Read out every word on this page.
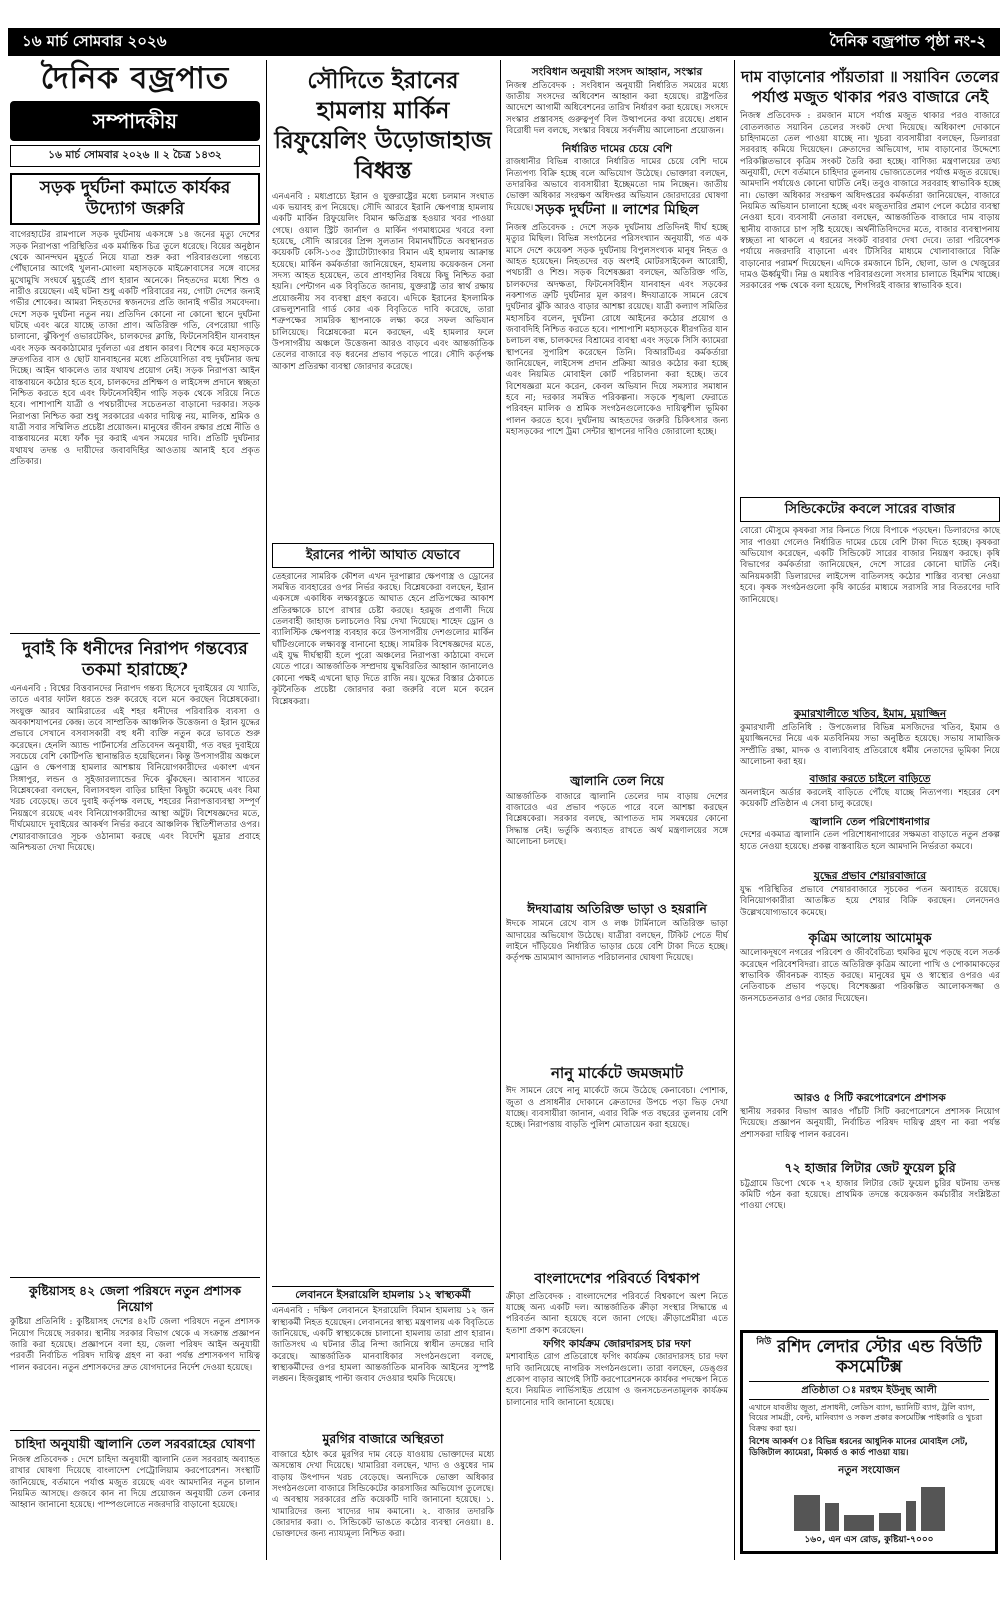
১৬ মার্চ সোমবার ২০২৬	দৈনিক বজ্রপাত পৃষ্ঠা নং-২
দৈনিক বজ্রপাত
সম্পাদকীয়
১৬ মার্চ সোমবার ২০২৬ ॥ ২ চৈত্র ১৪৩২
সড়ক দুর্ঘটনা কমাতে কার্যকর উদ্যোগ জরুরি

বাগেরহাটের রামপালে সড়ক দুর্ঘটনায় একসঙ্গে ১৪ জনের মৃত্যু দেশের সড়ক নিরাপত্তা পরিস্থিতির এক মর্মান্তিক চিত্র তুলে ধরেছে। বিয়ের অনুষ্ঠান থেকে আনন্দঘন মুহূর্তে নিয়ে যাত্রা শুরু করা পরিবারগুলো গন্তব্যে পৌঁছানোর আগেই খুলনা-মোংলা মহাসড়কে মাইক্রোবাসের সঙ্গে বাসের মুখোমুখি সংঘর্ষে মুহূর্তেই প্রাণ হারান অনেকে। নিহতদের মধ্যে শিশু ও নারীও রয়েছেন। এই ঘটনা শুধু একটি পরিবারের নয়, গোটা দেশের জন্যই গভীর শোকের। আমরা নিহতদের স্বজনদের প্রতি জানাই গভীর সমবেদনা। দেশে সড়ক দুর্ঘটনা নতুন নয়। প্রতিদিন কোনো না কোনো স্থানে দুর্ঘটনা ঘটছে এবং ঝরে যাচ্ছে তাজা প্রাণ। অতিরিক্ত গতি, বেপরোয়া গাড়ি চালানো, ঝুঁকিপূর্ণ ওভারটেকিং, চালকদের ক্লান্তি, ফিটনেসবিহীন যানবাহন এবং সড়ক অবকাঠামোর দুর্বলতা এর প্রধান কারণ। বিশেষ করে মহাসড়কে দ্রুতগতির বাস ও ছোট যানবাহনের মধ্যে প্রতিযোগিতা বহু দুর্ঘটনার জন্ম দিচ্ছে। আইন থাকলেও তার যথাযথ প্রয়োগ নেই। সড়ক নিরাপত্তা আইন বাস্তবায়নে কঠোর হতে হবে, চালকদের প্রশিক্ষণ ও লাইসেন্স প্রদানে স্বচ্ছতা নিশ্চিত করতে হবে এবং ফিটনেসবিহীন গাড়ি সড়ক থেকে সরিয়ে নিতে হবে। পাশাপাশি যাত্রী ও পথচারীদের সচেতনতা বাড়ানো দরকার। সড়ক নিরাপত্তা নিশ্চিত করা শুধু সরকারের একার দায়িত্ব নয়, মালিক, শ্রমিক ও যাত্রী সবার সম্মিলিত প্রচেষ্টা প্রয়োজন। মানুষের জীবন রক্ষার প্রশ্নে নীতি ও বাস্তবায়নের মধ্যে ফাঁক দূর করাই এখন সময়ের দাবি। প্রতিটি দুর্ঘটনার যথাযথ তদন্ত ও দায়ীদের জবাবদিহির আওতায় আনাই হবে প্রকৃত প্রতিকার।

দুবাই কি ধনীদের নিরাপদ গন্তব্যের তকমা হারাচ্ছে?

এনএনবি : বিশ্বের বিত্তবানদের নিরাপদ গন্তব্য হিসেবে দুবাইয়ের যে খ্যাতি, তাতে এবার ফাটল ধরতে শুরু করেছে বলে মনে করছেন বিশ্লেষকেরা। সংযুক্ত আরব আমিরাতের এই শহর ধনীদের পরিবারিক ব্যবসা ও অবকাশযাপনের কেন্দ্র। তবে সাম্প্রতিক আঞ্চলিক উত্তেজনা ও ইরান যুদ্ধের প্রভাবে সেখানে বসবাসকারী বহু ধনী ব্যক্তি নতুন করে ভাবতে শুরু করেছেন। হেনলি অ্যান্ড পার্টনার্সের প্রতিবেদন অনুযায়ী, গত বছর দুবাইয়ে সবচেয়ে বেশি কোটিপতি স্থানান্তরিত হয়েছিলেন। কিন্তু উপসাগরীয় অঞ্চলে ড্রোন ও ক্ষেপণাস্ত্র হামলার আশঙ্কায় বিনিয়োগকারীদের একাংশ এখন সিঙ্গাপুর, লন্ডন ও সুইজারল্যান্ডের দিকে ঝুঁকছেন। আবাসন খাতের বিশ্লেষকেরা বলছেন, বিলাসবহুল বাড়ির চাহিদা কিছুটা কমেছে এবং বিমা খরচ বেড়েছে। তবে দুবাই কর্তৃপক্ষ বলছে, শহরের নিরাপত্তাব্যবস্থা সম্পূর্ণ নিয়ন্ত্রণে রয়েছে এবং বিনিয়োগকারীদের আস্থা অটুট। বিশেষজ্ঞদের মতে, দীর্ঘমেয়াদে দুবাইয়ের আকর্ষণ নির্ভর করবে আঞ্চলিক স্থিতিশীলতার ওপর। শেয়ারবাজারেও সূচক ওঠানামা করছে এবং বিদেশি মুদ্রার প্রবাহে অনিশ্চয়তা দেখা দিয়েছে।

কুষ্টিয়াসহ ৪২ জেলা পরিষদে নতুন প্রশাসক নিয়োগ

কুষ্টিয়া প্রতিনিধি : কুষ্টিয়াসহ দেশের ৪২টি জেলা পরিষদে নতুন প্রশাসক নিয়োগ দিয়েছে সরকার। স্থানীয় সরকার বিভাগ থেকে এ সংক্রান্ত প্রজ্ঞাপন জারি করা হয়েছে। প্রজ্ঞাপনে বলা হয়, জেলা পরিষদ আইন অনুযায়ী পরবর্তী নির্বাচিত পরিষদ দায়িত্ব গ্রহণ না করা পর্যন্ত প্রশাসকগণ দায়িত্ব পালন করবেন। নতুন প্রশাসকদের দ্রুত যোগদানের নির্দেশ দেওয়া হয়েছে।

চাহিদা অনুযায়ী জ্বালানি তেল সরবরাহের ঘোষণা

নিজস্ব প্রতিবেদক : দেশে চাহিদা অনুযায়ী জ্বালানি তেল সরবরাহ অব্যাহত রাখার ঘোষণা দিয়েছে বাংলাদেশ পেট্রোলিয়াম করপোরেশন। সংস্থাটি জানিয়েছে, বর্তমানে পর্যাপ্ত মজুত রয়েছে এবং আমদানির নতুন চালান নিয়মিত আসছে। গুজবে কান না দিয়ে প্রয়োজন অনুযায়ী তেল কেনার আহ্বান জানানো হয়েছে। পাম্পগুলোতে নজরদারি বাড়ানো হয়েছে।

সৌদিতে ইরানের হামলায় মার্কিন রিফুয়েলিং উড়োজাহাজ বিধ্বস্ত

এনএনবি : মধ্যপ্রাচ্যে ইরান ও যুক্তরাষ্ট্রের মধ্যে চলমান সংঘাত এক ভয়াবহ রূপ নিয়েছে। সৌদি আরবে ইরানি ক্ষেপণাস্ত্র হামলায় একটি মার্কিন রিফুয়েলিং বিমান ক্ষতিগ্রস্ত হওয়ার খবর পাওয়া গেছে। ওয়াল স্ট্রিট জার্নাল ও মার্কিন গণমাধ্যমের খবরে বলা হয়েছে, সৌদি আরবের প্রিন্স সুলতান বিমানঘাঁটিতে অবস্থানরত কয়েকটি কেসি-১৩৫ স্ট্র্যাটোট্যাংকার বিমান এই হামলায় আক্রান্ত হয়েছে। মার্কিন কর্মকর্তারা জানিয়েছেন, হামলায় কয়েকজন সেনা সদস্য আহত হয়েছেন, তবে প্রাণহানির বিষয়ে কিছু নিশ্চিত করা হয়নি। পেন্টাগন এক বিবৃতিতে জানায়, যুক্তরাষ্ট্র তার স্বার্থ রক্ষায় প্রয়োজনীয় সব ব্যবস্থা গ্রহণ করবে। এদিকে ইরানের ইসলামিক রেভল্যুশনারি গার্ড কোর এক বিবৃতিতে দাবি করেছে, তারা শত্রুপক্ষের সামরিক স্থাপনাকে লক্ষ্য করে সফল অভিযান চালিয়েছে। বিশ্লেষকেরা মনে করছেন, এই হামলার ফলে উপসাগরীয় অঞ্চলে উত্তেজনা আরও বাড়বে এবং আন্তর্জাতিক তেলের বাজারে বড় ধরনের প্রভাব পড়তে পারে। সৌদি কর্তৃপক্ষ আকাশ প্রতিরক্ষা ব্যবস্থা জোরদার করেছে।

ইরানের পাল্টা আঘাত যেভাবে

তেহরানের সামরিক কৌশল এখন দূরপাল্লার ক্ষেপণাস্ত্র ও ড্রোনের সমন্বিত ব্যবহারের ওপর নির্ভর করছে। বিশ্লেষকেরা বলছেন, ইরান একসঙ্গে একাধিক লক্ষ্যবস্তুতে আঘাত হেনে প্রতিপক্ষের আকাশ প্রতিরক্ষাকে চাপে রাখার চেষ্টা করছে। হরমুজ প্রণালী দিয়ে তেলবাহী জাহাজ চলাচলেও বিঘ্ন দেখা দিয়েছে। শাহেদ ড্রোন ও ব্যালিস্টিক ক্ষেপণাস্ত্র ব্যবহার করে উপসাগরীয় দেশগুলোর মার্কিন ঘাঁটিগুলোকে লক্ষ্যবস্তু বানানো হচ্ছে। সামরিক বিশেষজ্ঞদের মতে, এই যুদ্ধ দীর্ঘস্থায়ী হলে পুরো অঞ্চলের নিরাপত্তা কাঠামো বদলে যেতে পারে। আন্তর্জাতিক সম্প্রদায় যুদ্ধবিরতির আহ্বান জানালেও কোনো পক্ষই এখনো ছাড় দিতে রাজি নয়। যুদ্ধের বিস্তার ঠেকাতে কূটনৈতিক প্রচেষ্টা জোরদার করা জরুরি বলে মনে করেন বিশ্লেষকরা।

লেবাননে ইসরায়েলি হামলায় ১২ স্বাস্থ্যকর্মী

এনএনবি : দক্ষিণ লেবাননে ইসরায়েলি বিমান হামলায় ১২ জন স্বাস্থ্যকর্মী নিহত হয়েছেন। লেবাননের স্বাস্থ্য মন্ত্রণালয় এক বিবৃতিতে জানিয়েছে, একটি স্বাস্থ্যকেন্দ্রে চালানো হামলায় তারা প্রাণ হারান। জাতিসংঘ এ ঘটনার তীব্র নিন্দা জানিয়ে স্বাধীন তদন্তের দাবি করেছে। আন্তর্জাতিক মানবাধিকার সংগঠনগুলো বলছে, স্বাস্থ্যকর্মীদের ওপর হামলা আন্তর্জাতিক মানবিক আইনের সুস্পষ্ট লঙ্ঘন। হিজবুল্লাহ পাল্টা জবাব দেওয়ার হুমকি দিয়েছে।

মুরগির বাজারে অস্থিরতা

বাজারে হঠাৎ করে মুরগির দাম বেড়ে যাওয়ায় ভোক্তাদের মধ্যে অসন্তোষ দেখা দিয়েছে। খামারিরা বলছেন, খাদ্য ও ওষুধের দাম বাড়ায় উৎপাদন খরচ বেড়েছে। অন্যদিকে ভোক্তা অধিকার সংগঠনগুলো বাজারে সিন্ডিকেটের কারসাজির অভিযোগ তুলেছে। এ অবস্থায় সরকারের প্রতি কয়েকটি দাবি জানানো হয়েছে। ১. খামারিদের জন্য খাদ্যের দাম কমানো। ২. বাজার তদারকি জোরদার করা। ৩. সিন্ডিকেট ভাঙতে কঠোর ব্যবস্থা নেওয়া। ৪. ভোক্তাদের জন্য ন্যায্যমূল্য নিশ্চিত করা।

সংবিধান অনুযায়ী সংসদ আহ্বান, সংস্কার

নিজস্ব প্রতিবেদক : সংবিধান অনুযায়ী নির্ধারিত সময়ের মধ্যে জাতীয় সংসদের অধিবেশন আহ্বান করা হয়েছে। রাষ্ট্রপতির আদেশে আগামী অধিবেশনের তারিখ নির্ধারণ করা হয়েছে। সংসদে সংস্কার প্রস্তাবসহ গুরুত্বপূর্ণ বিল উত্থাপনের কথা রয়েছে। প্রধান বিরোধী দল বলছে, সংস্কার বিষয়ে সর্বদলীয় আলোচনা প্রয়োজন।

নির্ধারিত দামের চেয়ে বেশি

রাজধানীর বিভিন্ন বাজারে নির্ধারিত দামের চেয়ে বেশি দামে নিত্যপণ্য বিক্রি হচ্ছে বলে অভিযোগ উঠেছে। ভোক্তারা বলছেন, তদারকির অভাবে ব্যবসায়ীরা ইচ্ছেমতো দাম নিচ্ছেন। জাতীয় ভোক্তা অধিকার সংরক্ষণ অধিদপ্তর অভিযান জোরদারের ঘোষণা দিয়েছে। সড়ক দুর্ঘটনা ॥ লাশের মিছিল

নিজস্ব প্রতিবেদক : দেশে সড়ক দুর্ঘটনায় প্রতিদিনই দীর্ঘ হচ্ছে মৃত্যুর মিছিল। বিভিন্ন সংগঠনের পরিসংখ্যান অনুযায়ী, গত এক মাসে দেশে কয়েকশ সড়ক দুর্ঘটনায় বিপুলসংখ্যক মানুষ নিহত ও আহত হয়েছেন। নিহতদের বড় অংশই মোটরসাইকেল আরোহী, পথচারী ও শিশু। সড়ক বিশেষজ্ঞরা বলছেন, অতিরিক্ত গতি, চালকদের অদক্ষতা, ফিটনেসবিহীন যানবাহন এবং সড়কের নকশাগত ত্রুটি দুর্ঘটনার মূল কারণ। ঈদযাত্রাকে সামনে রেখে দুর্ঘটনার ঝুঁকি আরও বাড়ার আশঙ্কা রয়েছে। যাত্রী কল্যাণ সমিতির মহাসচিব বলেন, দুর্ঘটনা রোধে আইনের কঠোর প্রয়োগ ও জবাবদিহি নিশ্চিত করতে হবে। পাশাপাশি মহাসড়কে ধীরগতির যান চলাচল বন্ধ, চালকদের বিশ্রামের ব্যবস্থা এবং সড়কে সিসি ক্যামেরা স্থাপনের সুপারিশ করেছেন তিনি। বিআরটিএর কর্মকর্তারা জানিয়েছেন, লাইসেন্স প্রদান প্রক্রিয়া আরও কঠোর করা হচ্ছে এবং নিয়মিত মোবাইল কোর্ট পরিচালনা করা হচ্ছে। তবে বিশেষজ্ঞরা মনে করেন, কেবল অভিযান দিয়ে সমস্যার সমাধান হবে না; দরকার সমন্বিত পরিকল্পনা। সড়কে শৃঙ্খলা ফেরাতে পরিবহন মালিক ও শ্রমিক সংগঠনগুলোকেও দায়িত্বশীল ভূমিকা পালন করতে হবে। দুর্ঘটনায় আহতদের জরুরি চিকিৎসার জন্য মহাসড়কের পাশে ট্রমা সেন্টার স্থাপনের দাবিও জোরালো হচ্ছে।

জ্বালানি তেল নিয়ে

আন্তর্জাতিক বাজারে জ্বালানি তেলের দাম বাড়ায় দেশের বাজারেও এর প্রভাব পড়তে পারে বলে আশঙ্কা করছেন বিশ্লেষকেরা। সরকার বলছে, আপাতত দাম সমন্বয়ের কোনো সিদ্ধান্ত নেই। ভর্তুকি অব্যাহত রাখতে অর্থ মন্ত্রণালয়ের সঙ্গে আলোচনা চলছে।

ঈদযাত্রায় অতিরিক্ত ভাড়া ও হয়রানি

ঈদকে সামনে রেখে বাস ও লঞ্চ টার্মিনালে অতিরিক্ত ভাড়া আদায়ের অভিযোগ উঠেছে। যাত্রীরা বলছেন, টিকিট পেতে দীর্ঘ লাইনে দাঁড়িয়েও নির্ধারিত ভাড়ার চেয়ে বেশি টাকা দিতে হচ্ছে। কর্তৃপক্ষ ভ্রাম্যমাণ আদালত পরিচালনার ঘোষণা দিয়েছে।

নানু মার্কেটে জমজমাট

ঈদ সামনে রেখে নানু মার্কেটে জমে উঠেছে কেনাবেচা। পোশাক, জুতা ও প্রসাধনীর দোকানে ক্রেতাদের উপচে পড়া ভিড় দেখা যাচ্ছে। ব্যবসায়ীরা জানান, এবার বিক্রি গত বছরের তুলনায় বেশি হচ্ছে। নিরাপত্তায় বাড়তি পুলিশ মোতায়েন করা হয়েছে।

বাংলাদেশের পরিবর্তে বিশ্বকাপ

ক্রীড়া প্রতিবেদক : বাংলাদেশের পরিবর্তে বিশ্বকাপে অংশ নিতে যাচ্ছে অন্য একটি দল। আন্তর্জাতিক ক্রীড়া সংস্থার সিদ্ধান্তে এ পরিবর্তন আনা হয়েছে বলে জানা গেছে। ক্রীড়াপ্রেমীরা এতে হতাশা প্রকাশ করেছেন।

ফগিং কার্যক্রম জোরদারসহ চার দফা

মশাবাহিত রোগ প্রতিরোধে ফগিং কার্যক্রম জোরদারসহ চার দফা দাবি জানিয়েছে নাগরিক সংগঠনগুলো। তারা বলছেন, ডেঙ্গুর প্রকোপ বাড়ার আগেই সিটি করপোরেশনকে কার্যকর পদক্ষেপ নিতে হবে। নিয়মিত লার্ভিসাইড প্রয়োগ ও জনসচেতনতামূলক কার্যক্রম চালানোর দাবি জানানো হয়েছে।

দাম বাড়ানোর পাঁয়তারা ॥ সয়াবিন তেলের পর্যাপ্ত মজুত থাকার পরও বাজারে নেই

নিজস্ব প্রতিবেদক : রমজান মাসে পর্যাপ্ত মজুত থাকার পরও বাজারে বোতলজাত সয়াবিন তেলের সংকট দেখা দিয়েছে। অধিকাংশ দোকানে চাহিদামতো তেল পাওয়া যাচ্ছে না। খুচরা ব্যবসায়ীরা বলছেন, ডিলাররা সরবরাহ কমিয়ে দিয়েছেন। ক্রেতাদের অভিযোগ, দাম বাড়ানোর উদ্দেশ্যে পরিকল্পিতভাবে কৃত্রিম সংকট তৈরি করা হচ্ছে। বাণিজ্য মন্ত্রণালয়ের তথ্য অনুযায়ী, দেশে বর্তমানে চাহিদার তুলনায় ভোজ্যতেলের পর্যাপ্ত মজুত রয়েছে। আমদানি পর্যায়েও কোনো ঘাটতি নেই। তবুও বাজারে সরবরাহ স্বাভাবিক হচ্ছে না। ভোক্তা অধিকার সংরক্ষণ অধিদপ্তরের কর্মকর্তারা জানিয়েছেন, বাজারে নিয়মিত অভিযান চালানো হচ্ছে এবং মজুতদারির প্রমাণ পেলে কঠোর ব্যবস্থা নেওয়া হবে। ব্যবসায়ী নেতারা বলছেন, আন্তর্জাতিক বাজারে দাম বাড়ায় স্থানীয় বাজারে চাপ সৃষ্টি হয়েছে। অর্থনীতিবিদদের মতে, বাজার ব্যবস্থাপনায় স্বচ্ছতা না থাকলে এ ধরনের সংকট বারবার দেখা দেবে। তারা পরিবেশক পর্যায়ে নজরদারি বাড়ানো এবং টিসিবির মাধ্যমে খোলাবাজারে বিক্রি বাড়ানোর পরামর্শ দিয়েছেন। এদিকে রমজানে চিনি, ছোলা, ডাল ও খেজুরের দামও ঊর্ধ্বমুখী। নিম্ন ও মধ্যবিত্ত পরিবারগুলো সংসার চালাতে হিমশিম খাচ্ছে। সরকারের পক্ষ থেকে বলা হয়েছে, শিগগিরই বাজার স্বাভাবিক হবে।

সিন্ডিকেটের কবলে সারের বাজার

বোরো মৌসুমে কৃষকরা সার কিনতে গিয়ে বিপাকে পড়ছেন। ডিলারদের কাছে সার পাওয়া গেলেও নির্ধারিত দামের চেয়ে বেশি টাকা দিতে হচ্ছে। কৃষকরা অভিযোগ করেছেন, একটি সিন্ডিকেট সারের বাজার নিয়ন্ত্রণ করছে। কৃষি বিভাগের কর্মকর্তারা জানিয়েছেন, দেশে সারের কোনো ঘাটতি নেই। অনিয়মকারী ডিলারদের লাইসেন্স বাতিলসহ কঠোর শাস্তির ব্যবস্থা নেওয়া হবে। কৃষক সংগঠনগুলো কৃষি কার্ডের মাধ্যমে সরাসরি সার বিতরণের দাবি জানিয়েছে।

কুমারখালীতে খতিব, ইমাম, মুয়াজ্জিন

কুমারখালী প্রতিনিধি : উপজেলার বিভিন্ন মসজিদের খতিব, ইমাম ও মুয়াজ্জিনদের নিয়ে এক মতবিনিময় সভা অনুষ্ঠিত হয়েছে। সভায় সামাজিক সম্প্রীতি রক্ষা, মাদক ও বাল্যবিবাহ প্রতিরোধে ধর্মীয় নেতাদের ভূমিকা নিয়ে আলোচনা করা হয়।

বাজার করতে চাইলে বাড়িতে

অনলাইনে অর্ডার করলেই বাড়িতে পৌঁছে যাচ্ছে নিত্যপণ্য। শহরের বেশ কয়েকটি প্রতিষ্ঠান এ সেবা চালু করেছে।

জ্বালানি তেল পরিশোধনাগার

দেশের একমাত্র জ্বালানি তেল পরিশোধনাগারের সক্ষমতা বাড়াতে নতুন প্রকল্প হাতে নেওয়া হয়েছে। প্রকল্প বাস্তবায়িত হলে আমদানি নির্ভরতা কমবে।

যুদ্ধের প্রভাব শেয়ারবাজারে

যুদ্ধ পরিস্থিতির প্রভাবে শেয়ারবাজারে সূচকের পতন অব্যাহত রয়েছে। বিনিয়োগকারীরা আতঙ্কিত হয়ে শেয়ার বিক্রি করছেন। লেনদেনও উল্লেখযোগ্যভাবে কমেছে।

কৃত্রিম আলোয় আমোমুক

আলোকদূষণে নগরের পরিবেশ ও জীববৈচিত্র্য হুমকির মুখে পড়ছে বলে সতর্ক করেছেন পরিবেশবিদরা। রাতে অতিরিক্ত কৃত্রিম আলো পাখি ও পোকামাকড়ের স্বাভাবিক জীবনচক্র ব্যাহত করছে। মানুষের ঘুম ও স্বাস্থ্যের ওপরও এর নেতিবাচক প্রভাব পড়ছে। বিশেষজ্ঞরা পরিকল্পিত আলোকসজ্জা ও জনসচেতনতার ওপর জোর দিয়েছেন।

আরও ৫ সিটি করপোরেশনে প্রশাসক

স্থানীয় সরকার বিভাগ আরও পাঁচটি সিটি করপোরেশনে প্রশাসক নিয়োগ দিয়েছে। প্রজ্ঞাপন অনুযায়ী, নির্বাচিত পরিষদ দায়িত্ব গ্রহণ না করা পর্যন্ত প্রশাসকরা দায়িত্ব পালন করবেন।

৭২ হাজার লিটার জেট ফুয়েল চুরি

চট্টগ্রামে ডিপো থেকে ৭২ হাজার লিটার জেট ফুয়েল চুরির ঘটনায় তদন্ত কমিটি গঠন করা হয়েছে। প্রাথমিক তদন্তে কয়েকজন কর্মচারীর সংশ্লিষ্টতা পাওয়া গেছে।

$^{নিউ}$ রশিদ লেদার স্টোর এন্ড বিউটি কসমেটিক্স
প্রতিষ্ঠাতা ঃ মরহুম ইউনুছ আলী
এখানে যাবতীয় জুতা, প্রসাধনী, লেডিস ব্যাগ, ভ্যানিটি ব্যাগ, ট্রলি ব্যাগ, বিয়ের সামগ্রী, বেল্ট, মানিব্যাগ ও সকল প্রকার কসমেটিক্স পাইকারি ও খুচরা বিক্রয় করা হয়।
বিশেষ আকর্ষণ ঃ বিভিন্ন ধরনের আধুনিক মানের মোবাইল সেট, ডিজিটাল ক্যামেরা, মিকার্ড ও কার্ড পাওয়া যায়।
নতুন সংযোজন
১৬০, এন এস রোড, কুষ্টিয়া-৭০০০
